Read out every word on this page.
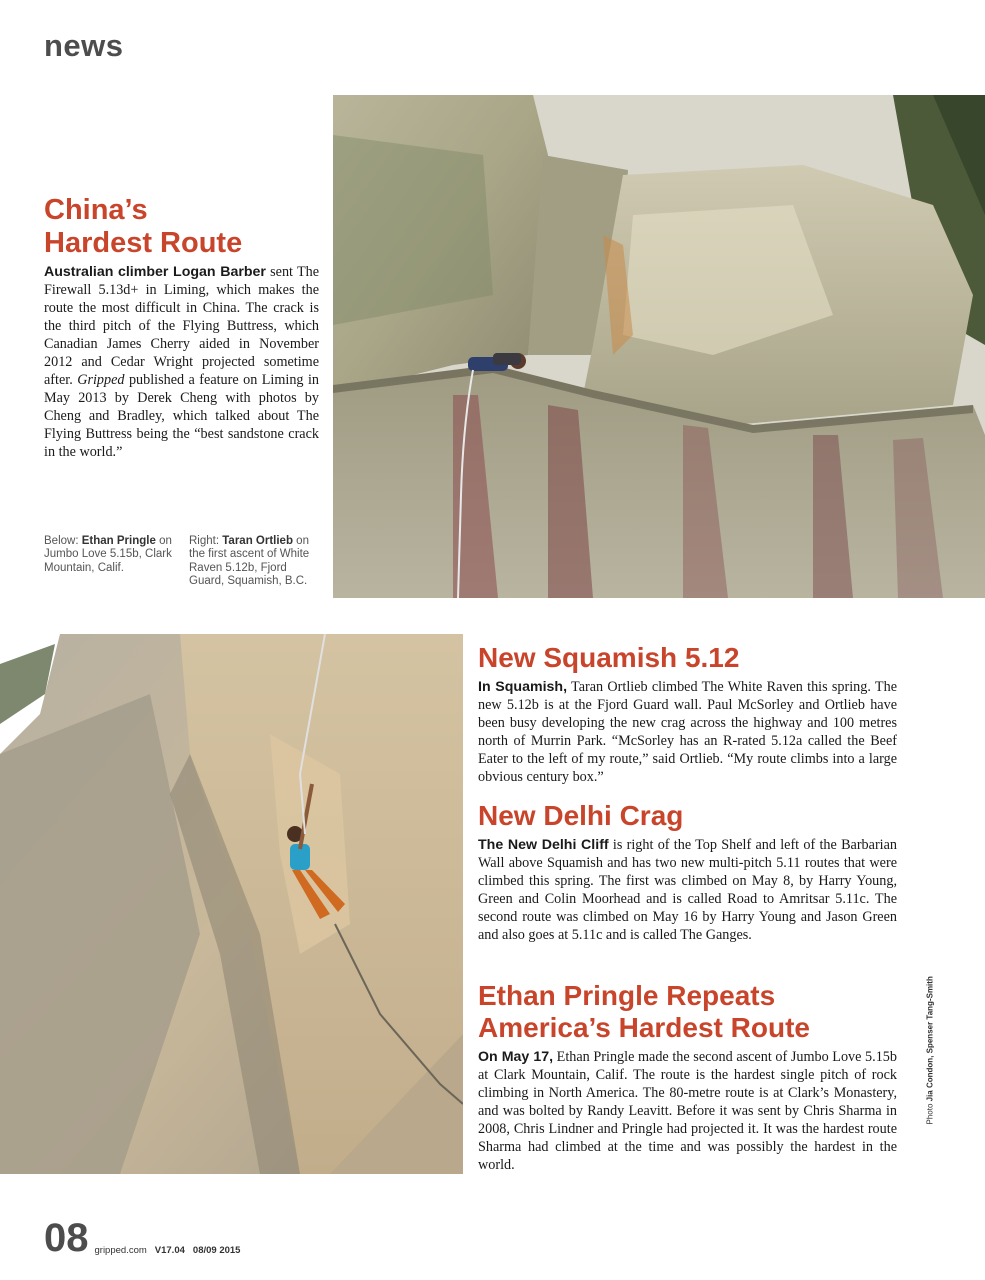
news
China’s
Hardest Route

Australian climber Logan Barber sent The Firewall 5.13d+ in Liming, which makes the route the most difficult in China. The crack is the third pitch of the Flying Buttress, which Canadian James Cherry aided in November 2012 and Cedar Wright projected sometime after. Gripped published a feature on Liming in May 2013 by Derek Cheng with photos by Cheng and Bradley, which talked about The Flying Buttress being the “best sandstone crack in the world.”

Below: Ethan Pringle on Jumbo Love 5.15b, Clark Mountain, Calif.
Right: Taran Ortlieb on the first ascent of White Raven 5.12b, Fjord Guard, Squamish, B.C.
New Squamish 5.12

In Squamish, Taran Ortlieb climbed The White Raven this spring. The new 5.12b is at the Fjord Guard wall. Paul McSorley and Ortlieb have been busy developing the new crag across the highway and 100 metres north of Murrin Park. “McSorley has an R-rated 5.12a called the Beef Eater to the left of my route,” said Ortlieb. “My route climbs into a large obvious century box.”

New Delhi Crag

The New Delhi Cliff is right of the Top Shelf and left of the Barbarian Wall above Squamish and has two new multi-pitch 5.11 routes that were climbed this spring. The first was climbed on May 8, by Harry Young, Green and Colin Moorhead and is called Road to Amritsar 5.11c. The second route was climbed on May 16 by Harry Young and Jason Green and also goes at 5.11c and is called The Ganges.

Ethan Pringle Repeats
America’s Hardest Route

On May 17, Ethan Pringle made the second ascent of Jumbo Love 5.15b at Clark Mountain, Calif. The route is the hardest single pitch of rock climbing in North America. The 80-metre route is at Clark’s Monastery, and was bolted by Randy Leavitt. Before it was sent by Chris Sharma in 2008, Chris Lindner and Pringle had projected it. It was the hardest route Sharma had climbed at the time and was possibly the hardest in the world.

Photo Jia Condon, Spenser Tang-Smith
08 gripped.com V17.04 08/09 2015
